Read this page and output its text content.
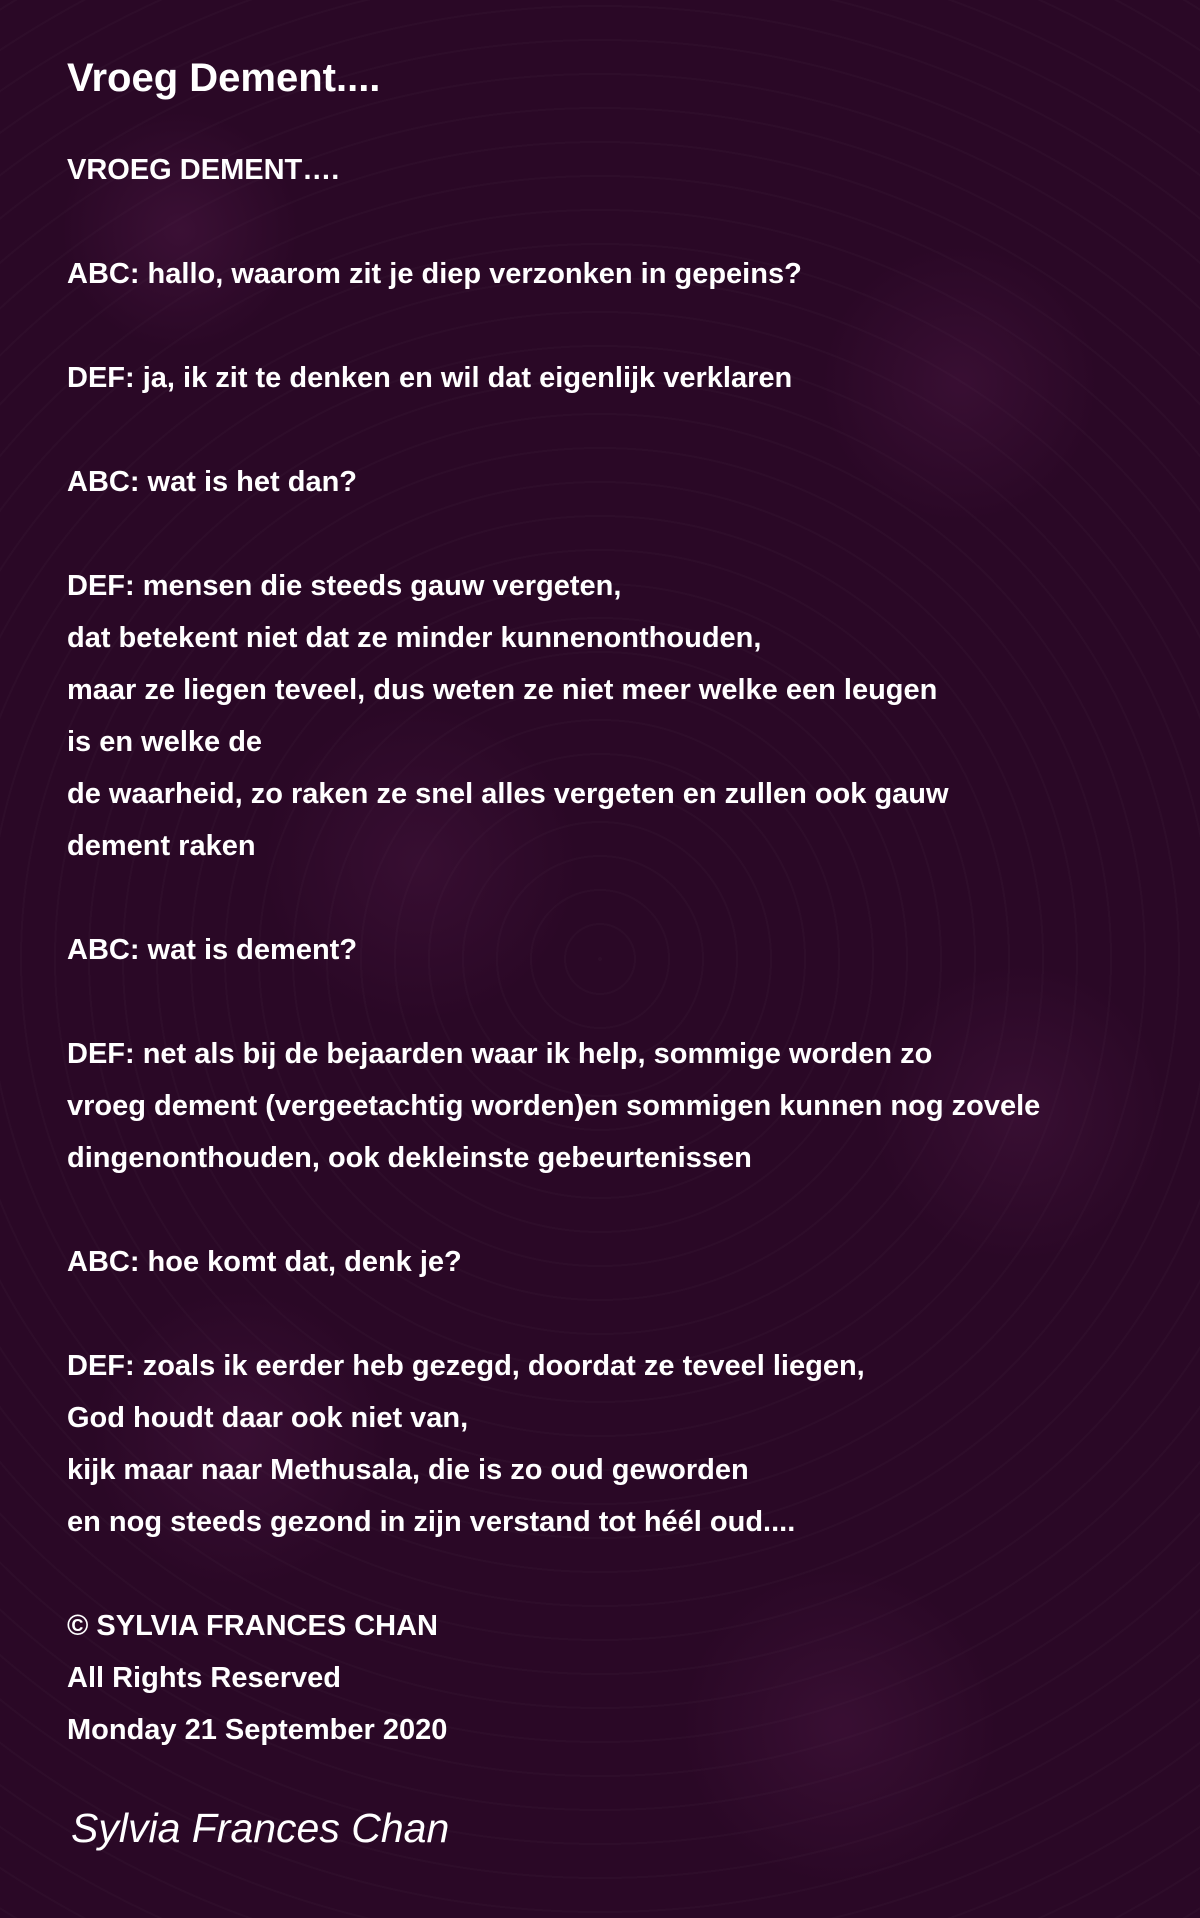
Vroeg Dement....
VROEG DEMENT….
ABC: hallo, waarom zit je diep verzonken in gepeins?
DEF: ja, ik zit te denken en wil dat eigenlijk verklaren
ABC: wat is het dan?
DEF: mensen die steeds gauw vergeten,
dat betekent niet dat ze minder kunnenonthouden,
maar ze liegen teveel, dus weten ze niet meer welke een leugen
is en welke de
de waarheid, zo raken ze snel alles vergeten en zullen ook gauw
dement raken
ABC: wat is dement?
DEF: net als bij de bejaarden waar ik help, sommige worden zo
vroeg dement (vergeetachtig worden)en sommigen kunnen nog zovele
dingenonthouden, ook dekleinste gebeurtenissen
ABC: hoe komt dat, denk je?
DEF: zoals ik eerder heb gezegd, doordat ze teveel liegen,
God houdt daar ook niet van,
kijk maar naar Methusala, die is zo oud geworden
en nog steeds gezond in zijn verstand tot héél oud....
© SYLVIA FRANCES CHAN
All Rights Reserved
Monday 21 September 2020
Sylvia Frances Chan
